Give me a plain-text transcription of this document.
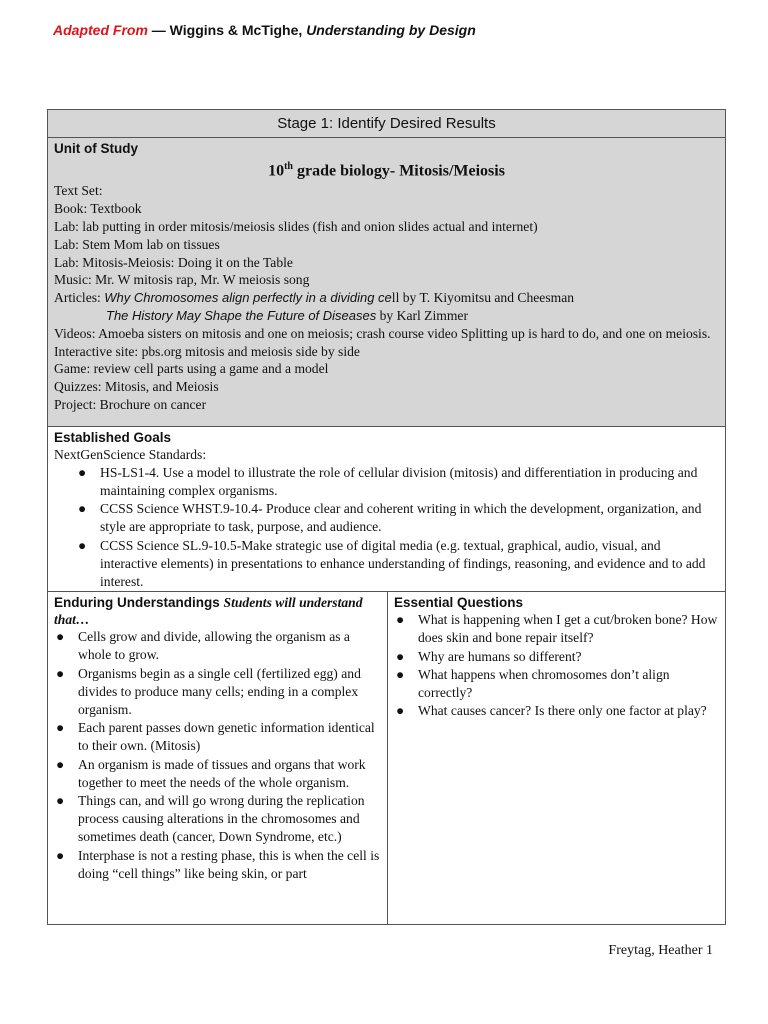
Adapted From — Wiggins & McTighe, Understanding by Design
Stage 1: Identify Desired Results

Unit of Study
10th grade biology- Mitosis/Meiosis
Text Set:
Book: Textbook
Lab: lab putting in order mitosis/meiosis slides (fish and onion slides actual and internet)
Lab: Stem Mom lab on tissues
Lab: Mitosis-Meiosis: Doing it on the Table
Music: Mr. W mitosis rap, Mr. W meiosis song
Articles: Why Chromosomes align perfectly in a dividing cell by T. Kiyomitsu and Cheesman
The History May Shape the Future of Diseases by Karl Zimmer
Videos: Amoeba sisters on mitosis and one on meiosis; crash course video Splitting up is hard to do, and one on meiosis.
Interactive site: pbs.org mitosis and meiosis side by side
Game: review cell parts using a game and a model
Quizzes: Mitosis, and Meiosis
Project: Brochure on cancer

Established Goals
NextGenScience Standards:
● HS-LS1-4. Use a model to illustrate the role of cellular division (mitosis) and differentiation in producing and maintaining complex organisms.
● CCSS Science WHST.9-10.4- Produce clear and coherent writing in which the development, organization, and style are appropriate to task, purpose, and audience.
● CCSS Science SL.9-10.5-Make strategic use of digital media (e.g. textual, graphical, audio, visual, and interactive elements) in presentations to enhance understanding of findings, reasoning, and evidence and to add interest.

Enduring Understandings Students will understand that…
● Cells grow and divide, allowing the organism as a whole to grow.
● Organisms begin as a single cell (fertilized egg) and divides to produce many cells; ending in a complex organism.
● Each parent passes down genetic information identical to their own. (Mitosis)
● An organism is made of tissues and organs that work together to meet the needs of the whole organism.
● Things can, and will go wrong during the replication process causing alterations in the chromosomes and sometimes death (cancer, Down Syndrome, etc.)
● Interphase is not a resting phase, this is when the cell is doing “cell things” like being skin, or part

Essential Questions
● What is happening when I get a cut/broken bone? How does skin and bone repair itself?
● Why are humans so different?
● What happens when chromosomes don’t align correctly?
● What causes cancer? Is there only one factor at play?
Freytag, Heather 1
